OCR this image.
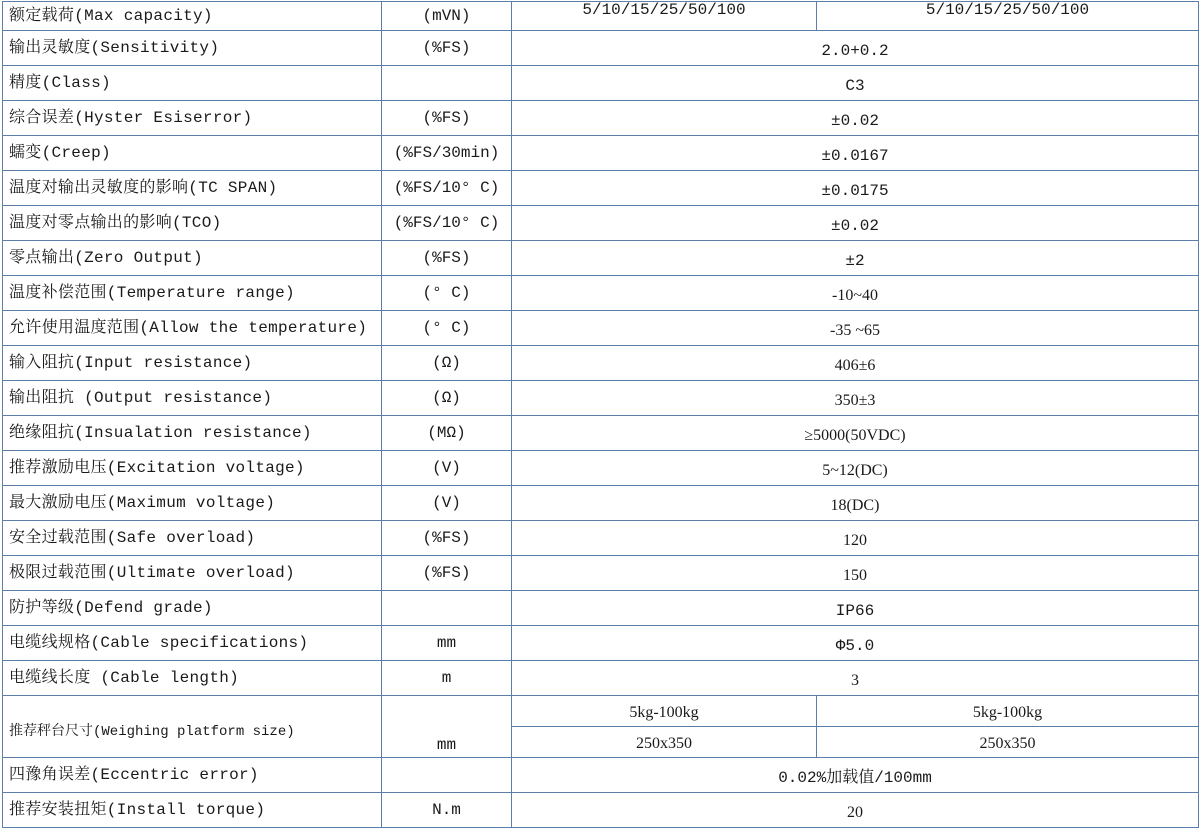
额定载荷(Max capacity)	(mVN)	5/10/15/25/50/100	5/10/15/25/50/100
输出灵敏度(Sensitivity)	(%FS)	2.0+0.2	
精度(Class)		C3	
综合误差(Hyster Esiserror)	(%FS)	±0.02	
蠕变(Creep)	(%FS/30min)	±0.0167	
温度对输出灵敏度的影响(TC SPAN)	(%FS/10° C)	±0.0175	
温度对零点输出的影响(TCO)	(%FS/10° C)	±0.02	
零点输出(Zero Output)	(%FS)	±2	
温度补偿范围(Temperature range)	(° C)	-10~40	
允许使用温度范围(Allow the temperature)	(° C)	-35 ~65	
输入阻抗(Input resistance)	(Ω)	406±6	
输出阻抗 (Output resistance)	(Ω)	350±3	
绝缘阻抗(Insualation resistance)	(MΩ)	≥5000(50VDC)	
推荐激励电压(Excitation voltage)	(V)	5~12(DC)	
最大激励电压(Maximum voltage)	(V)	18(DC)	
安全过载范围(Safe overload)	(%FS)	120	
极限过载范围(Ultimate overload)	(%FS)	150	
防护等级(Defend grade)		IP66	
电缆线规格(Cable specifications)	mm	Φ5.0	
电缆线长度 (Cable length)	m	3	
推荐秤台尺寸(Weighing platform size)	mm	5kg-100kg	5kg-100kg
		250x350	250x350
四豫角误差(Eccentric error)		0.02%加载值/100mm	
推荐安装扭矩(Install torque)	N.m	20	
